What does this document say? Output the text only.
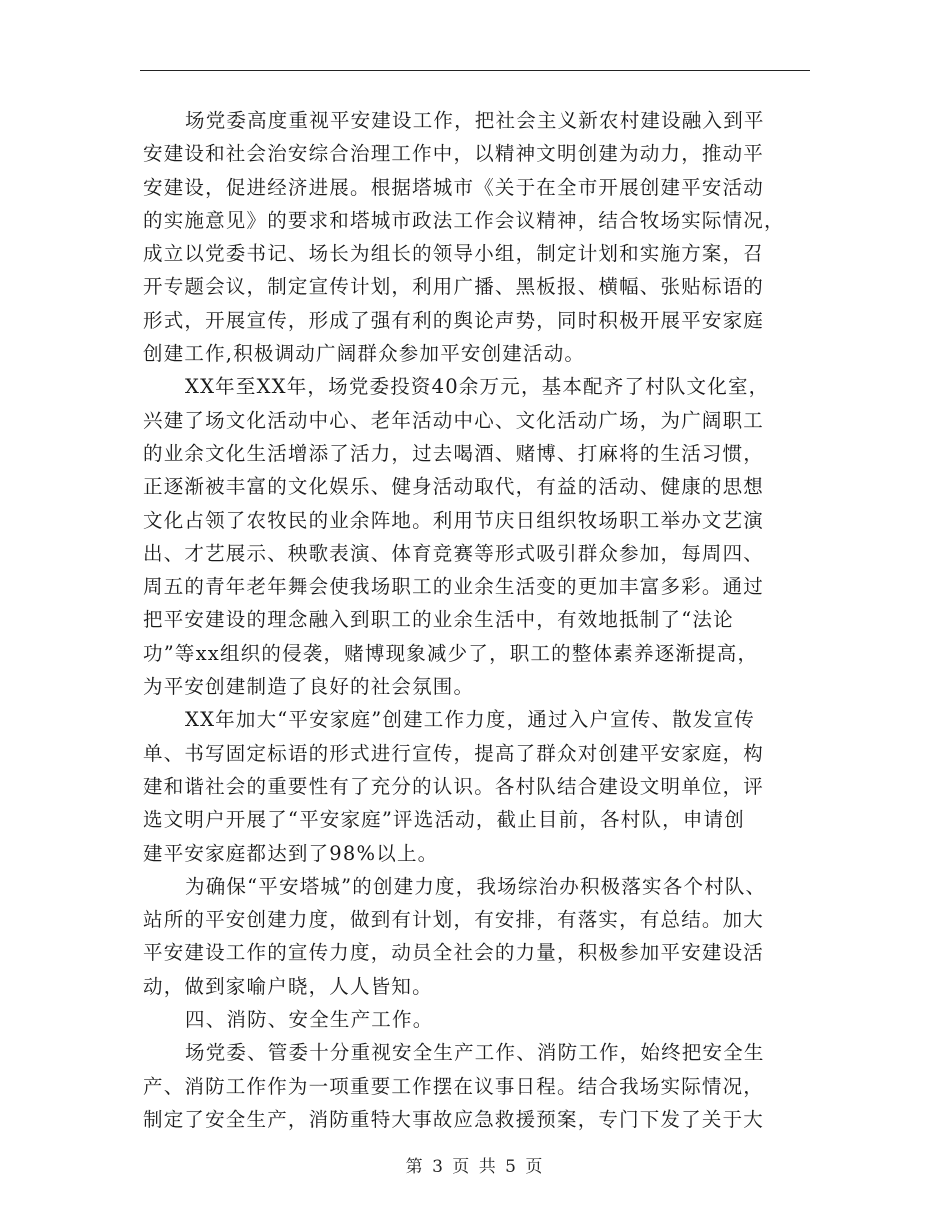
场党委高度重视平安建设工作，把社会主义新农村建设融入到平
安建设和社会治安综合治理工作中，以精神文明创建为动力，推动平
安建设，促进经济进展。根据塔城市《关于在全市开展创建平安活动
的实施意见》的要求和塔城市政法工作会议精神，结合牧场实际情况，
成立以党委书记、场长为组长的领导小组，制定计划和实施方案，召
开专题会议，制定宣传计划，利用广播、黑板报、横幅、张贴标语的
形式，开展宣传，形成了强有利的舆论声势，同时积极开展平安家庭
创建工作,积极调动广阔群众参加平安创建活动。
XX年至XX年，场党委投资40余万元，基本配齐了村队文化室，
兴建了场文化活动中心、老年活动中心、文化活动广场，为广阔职工
的业余文化生活增添了活力，过去喝酒、赌博、打麻将的生活习惯，
正逐渐被丰富的文化娱乐、健身活动取代，有益的活动、健康的思想
文化占领了农牧民的业余阵地。利用节庆日组织牧场职工举办文艺演
出、才艺展示、秧歌表演、体育竞赛等形式吸引群众参加，每周四、
周五的青年老年舞会使我场职工的业余生活变的更加丰富多彩。通过
把平安建设的理念融入到职工的业余生活中，有效地抵制了“法论
功”等xx组织的侵袭，赌博现象减少了，职工的整体素养逐渐提高，
为平安创建制造了良好的社会氛围。
XX年加大“平安家庭”创建工作力度，通过入户宣传、散发宣传
单、书写固定标语的形式进行宣传，提高了群众对创建平安家庭，构
建和谐社会的重要性有了充分的认识。各村队结合建设文明单位，评
选文明户开展了“平安家庭”评选活动，截止目前，各村队，申请创
建平安家庭都达到了98%以上。
为确保“平安塔城”的创建力度，我场综治办积极落实各个村队、
站所的平安创建力度，做到有计划，有安排，有落实，有总结。加大
平安建设工作的宣传力度，动员全社会的力量，积极参加平安建设活
动，做到家喻户晓，人人皆知。
四、消防、安全生产工作。
场党委、管委十分重视安全生产工作、消防工作，始终把安全生
产、消防工作作为一项重要工作摆在议事日程。结合我场实际情况，
制定了安全生产，消防重特大事故应急救援预案，专门下发了关于大
第 3 页 共 5 页
